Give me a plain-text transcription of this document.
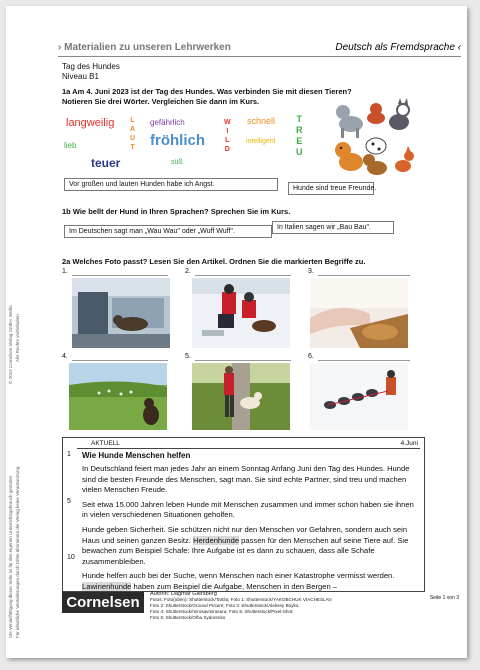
› Materialien zu unseren Lehrwerken	Deutsch als Fremdsprache ‹
Tag des Hundes
Niveau B1
1a Am 4. Juni 2023 ist der Tag des Hundes. Was verbinden Sie mit diesen Tieren?
Notieren Sie drei Wörter. Vergleichen Sie dann im Kurs.
langweilig L
A
U
T
gefährlich	W
I
L
D
schnell T
R
E
U
lieb	fröhlich	intelligent
teuer	süß
Vor großen und lauten Hunden habe ich Angst.
Hunde sind treue Freunde.
1b Wie bellt der Hund in Ihren Sprachen? Sprechen Sie im Kurs.
Im Deutschen sagt man „Wau Wau" oder „Wuff Wuff".
In Italien sagen wir „Bau Bau".
2a Welches Foto passt? Lesen Sie den Artikel. Ordnen Sie die markierten Begriffe zu.
1.	2.	3.
4.	5.	6.
© 2023 Cornelsen Verlag GmbH, Berlin Alle Rechte vorbehalten
Die Vervielfältigung dieser Seite ist für den eigenen Unterrichtsgebrauch gestattet. Für inhaltliche Veränderungen durch Dritte übernimmt der Verlag keine Verantwortung.
AKTUELL	4.Juni
1
5
10
Wie Hunde Menschen helfen

In Deutschland feiert man jedes Jahr an einem Sonntag Anfang Juni den Tag des Hundes. Hunde sind die besten Freunde des Menschen, sagt man. Sie sind echte Partner, sind treu und machen vielen Menschen Freude.

Seit etwa 15.000 Jahren leben Hunde mit Menschen zusammen und immer schon haben sie ihnen in vielen verschiedenen Situationen geholfen.

Hunde geben Sicherheit. Sie schützen nicht nur den Menschen vor Gefahren, sondern auch sein Haus und seinen ganzen Besitz. Herdenhunde passen für den Menschen auf seine Tiere auf. Sie bewachen zum Beispiel Schafe: Ihre Aufgabe ist es dann zu schauen, dass alle Schafe zusammenbleiben.

Hunde helfen auch bei der Suche, wenn Menschen nach einer Katastrophe vermisst werden. Lawinenhunde haben zum Beispiel die Aufgabe, Menschen in den Bergen –

Cornelsen	Autorin: Dagmar Giersberg
Fotos: Foto(oben): Shutterstock/Tartila; Foto 1: Shutterstock/YAKOBCHUK VIACHESLAV;
Foto 2: Shutterstock/Ground Picture; Foto 3: Shutterstock/Aleksey Boyko;
Foto 4: Shutterstock/mirosavmirasura; Foto 5: Shutterstock/Pixel-Shot;
Foto 6: Shutterstock/Olha Sydorenko
Seite 1 von 3
